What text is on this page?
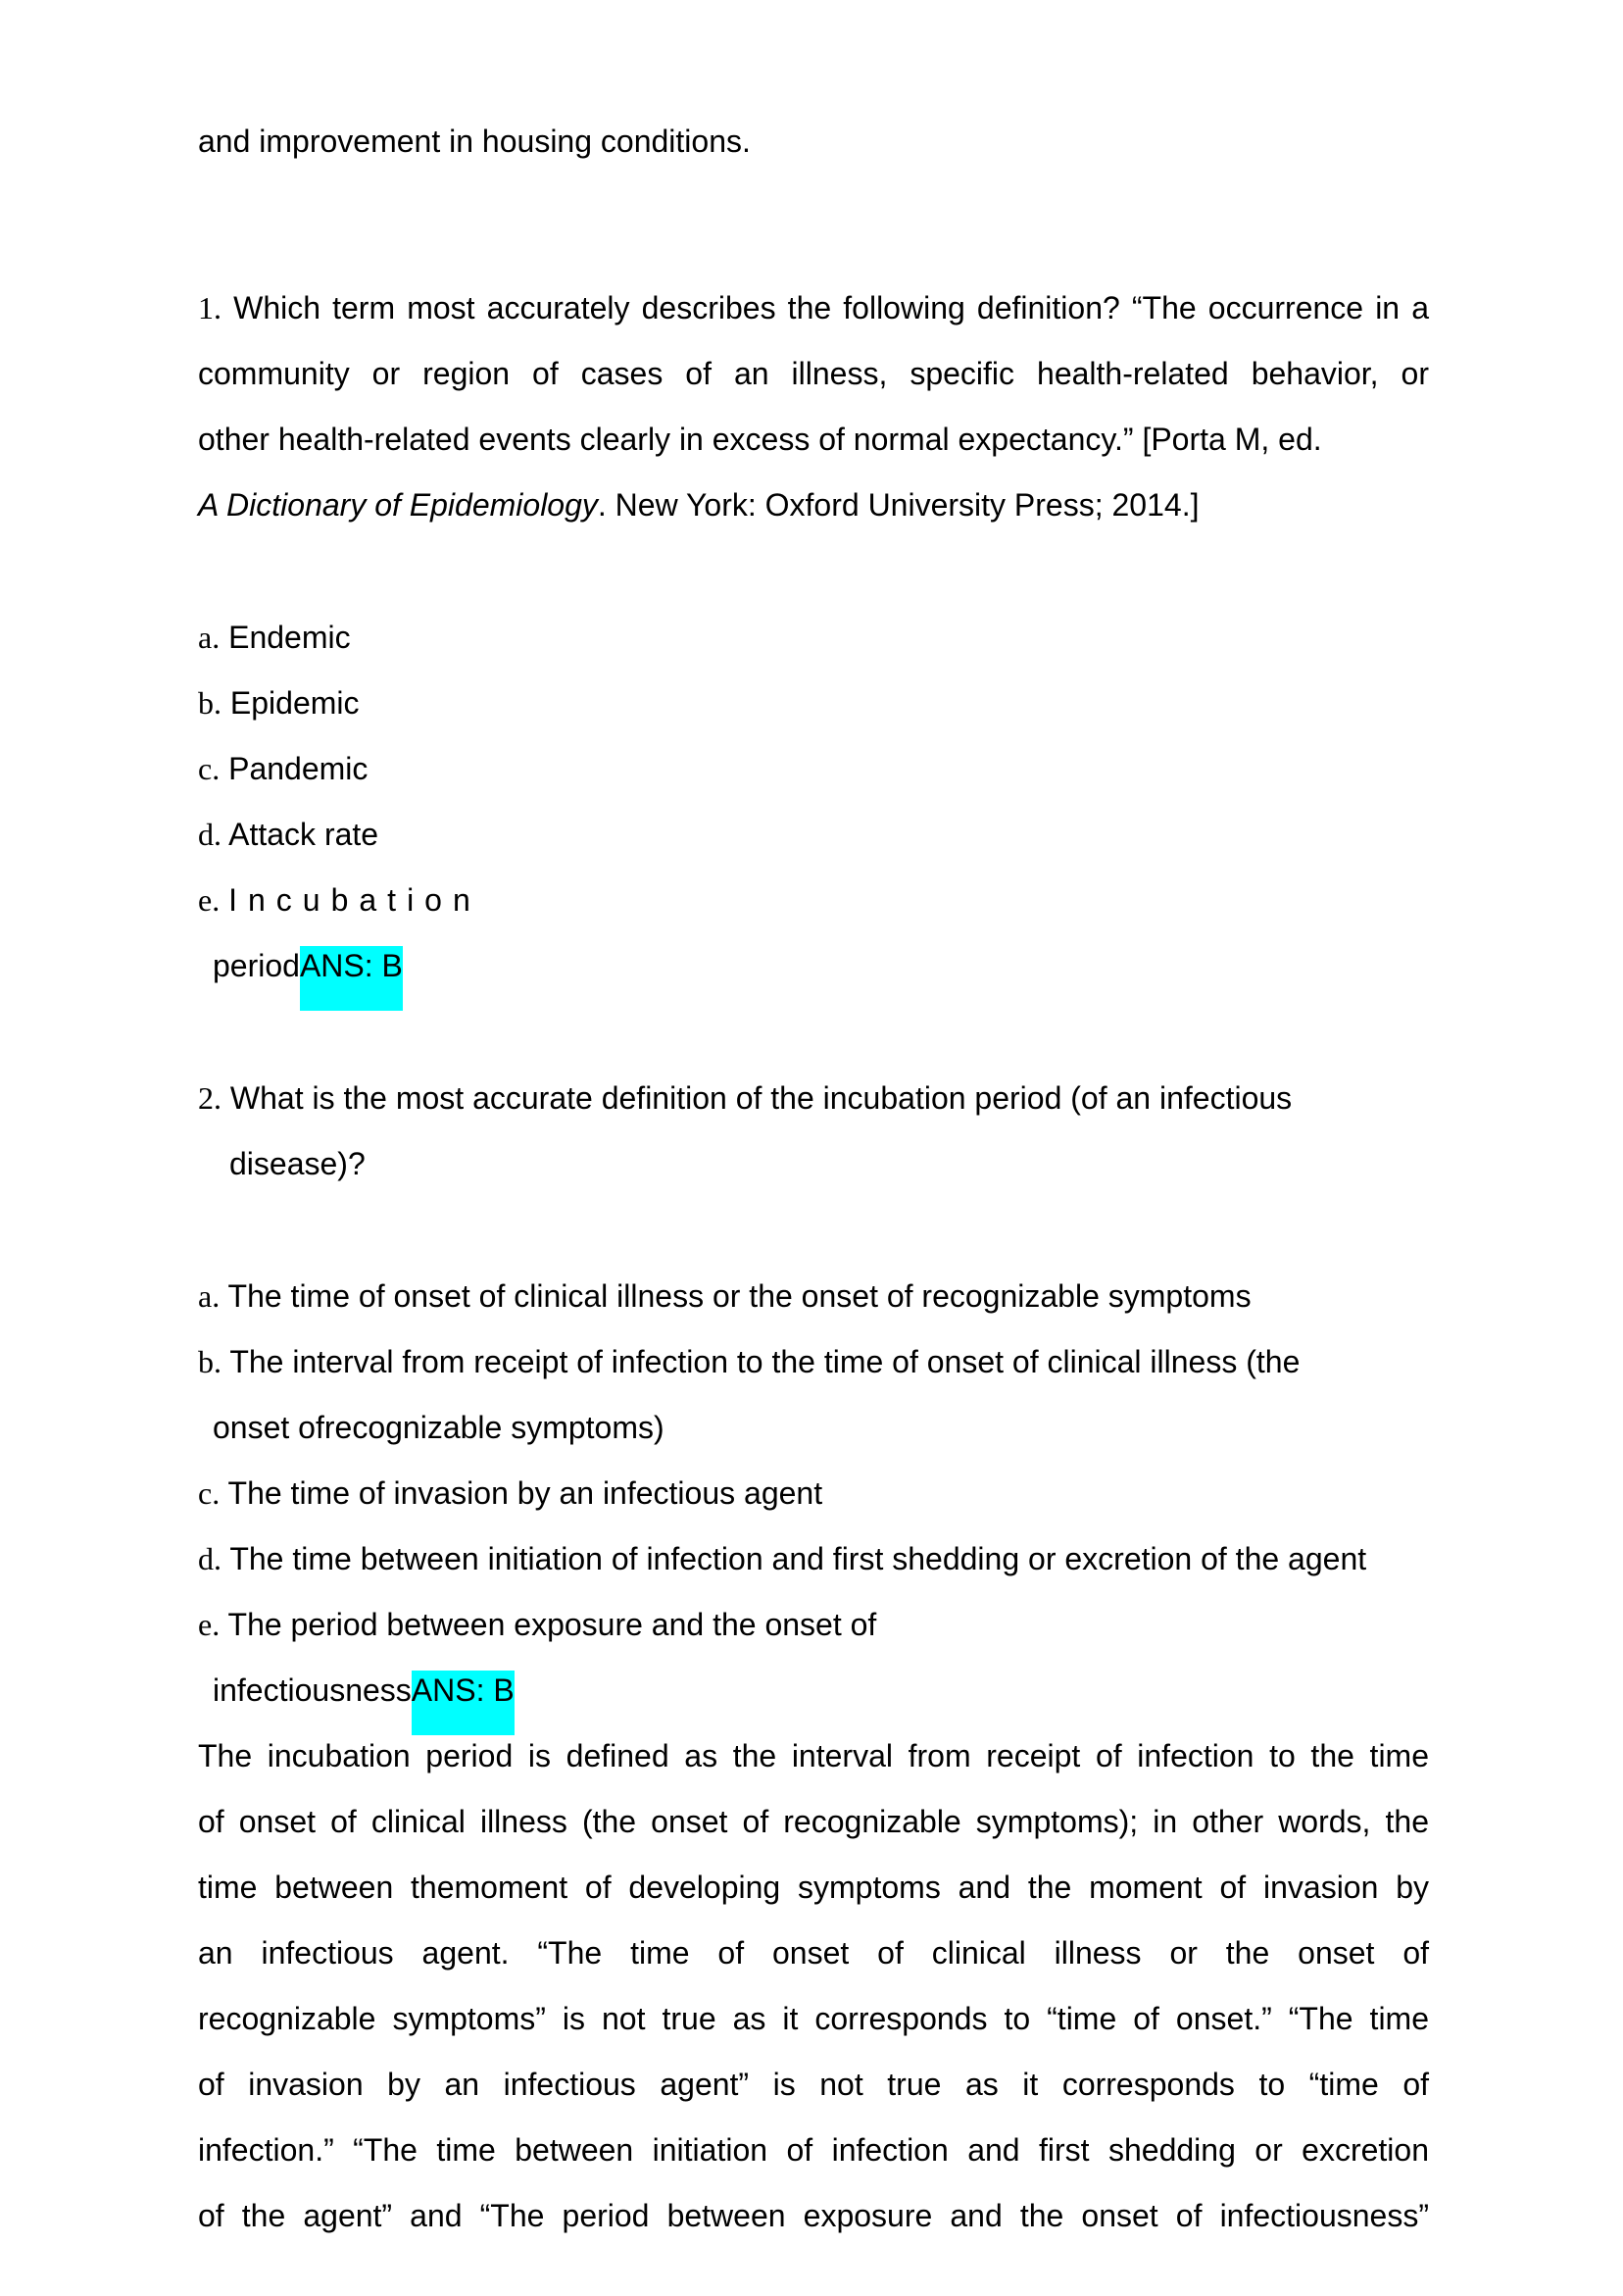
and improvement in housing conditions.
1. Which term most accurately describes the following definition? “The occurrence in a
community or region of cases of an illness, specific health-related behavior, or
other health-related events clearly in excess of normal expectancy.” [Porta M, ed.
A Dictionary of Epidemiology. New York: Oxford University Press; 2014.]
a. Endemic
b. Epidemic
c. Pandemic
d. Attack rate
e. Incubation
periodANS: B
2. What is the most accurate definition of the incubation period (of an infectious
disease)?
a. The time of onset of clinical illness or the onset of recognizable symptoms
b. The interval from receipt of infection to the time of onset of clinical illness (the
onset ofrecognizable symptoms)
c. The time of invasion by an infectious agent
d. The time between initiation of infection and first shedding or excretion of the agent
e. The period between exposure and the onset of
infectiousnessANS: B
The incubation period is defined as the interval from receipt of infection to the time
of onset of clinical illness (the onset of recognizable symptoms); in other words, the
time between themoment of developing symptoms and the moment of invasion by
an infectious agent. “The time of onset of clinical illness or the onset of
recognizable symptoms” is not true as it corresponds to “time of onset.” “The time
of invasion by an infectious agent” is not true as it corresponds to “time of
infection.” “The time between initiation of infection and first shedding or excretion
of the agent” and “The period between exposure and the onset of infectiousness”
